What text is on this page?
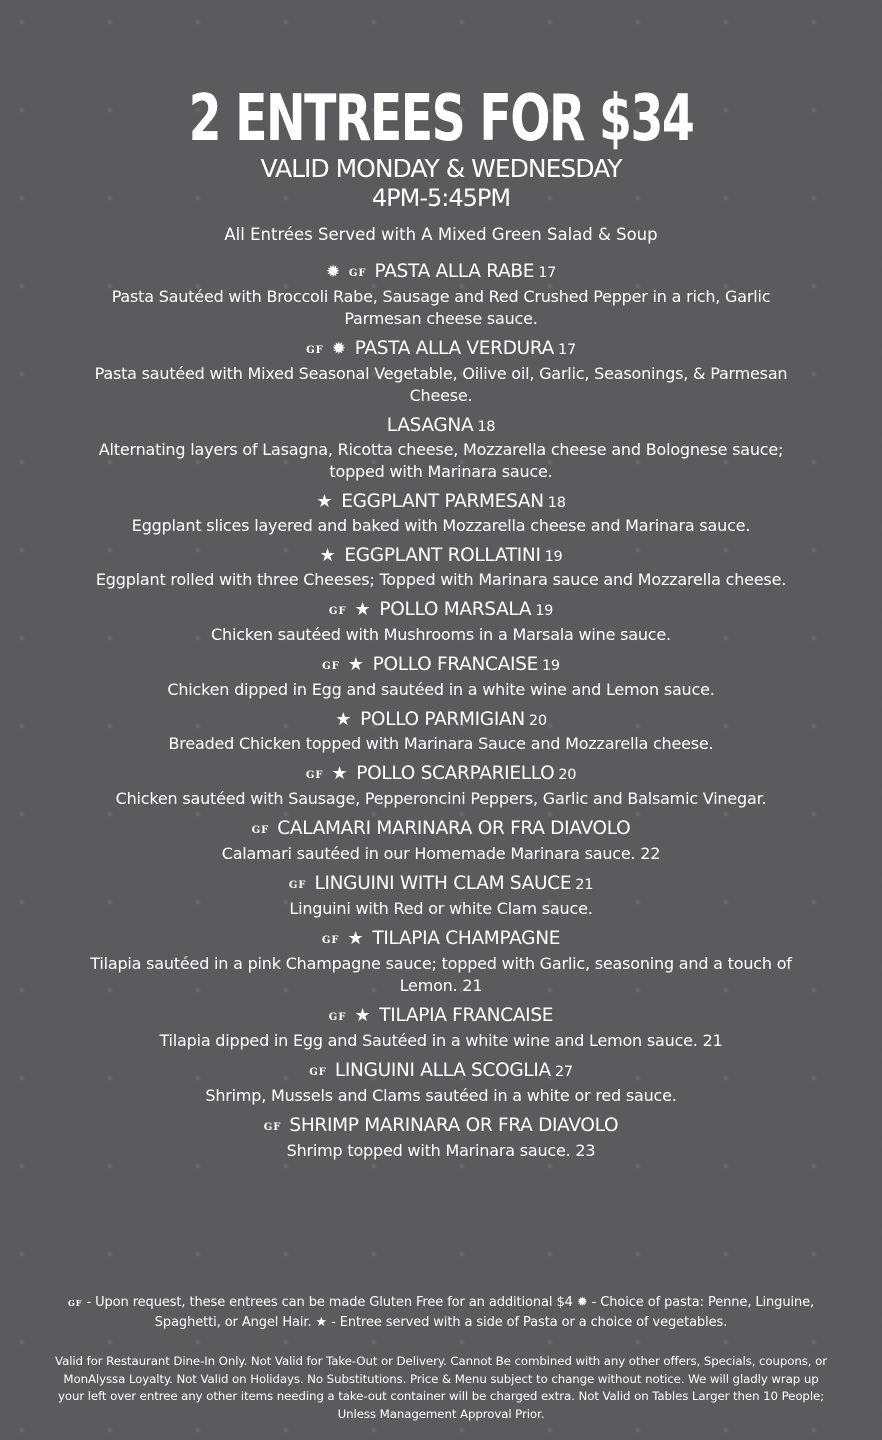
2 ENTREES FOR $34
VALID MONDAY & WEDNESDAY
4PM-5:45PM
All Entrées Served with A Mixed Green Salad & Soup
✹ GF PASTA ALLA RABE 17
Pasta Sautéed with Broccoli Rabe, Sausage and Red Crushed Pepper in a rich, Garlic Parmesan cheese sauce.
GF ✹ PASTA ALLA VERDURA 17
Pasta sautéed with Mixed Seasonal Vegetable, Oilive oil, Garlic, Seasonings, & Parmesan Cheese.
LASAGNA 18
Alternating layers of Lasagna, Ricotta cheese, Mozzarella cheese and Bolognese sauce; topped with Marinara sauce.
★ EGGPLANT PARMESAN 18
Eggplant slices layered and baked with Mozzarella cheese and Marinara sauce.
★ EGGPLANT ROLLATINI 19
Eggplant rolled with three Cheeses; Topped with Marinara sauce and Mozzarella cheese.
GF ★ POLLO MARSALA 19
Chicken sautéed with Mushrooms in a Marsala wine sauce.
GF ★ POLLO FRANCAISE 19
Chicken dipped in Egg and sautéed in a white wine and Lemon sauce.
★ POLLO PARMIGIAN 20
Breaded Chicken topped with Marinara Sauce and Mozzarella cheese.
GF ★ POLLO SCARPARIELLO 20
Chicken sautéed with Sausage, Pepperoncini Peppers, Garlic and Balsamic Vinegar.
GF CALAMARI MARINARA OR FRA DIAVOLO
Calamari sautéed in our Homemade Marinara sauce. 22
GF LINGUINI WITH CLAM SAUCE 21
Linguini with Red or white Clam sauce.
GF ★ TILAPIA CHAMPAGNE
Tilapia sautéed in a pink Champagne sauce; topped with Garlic, seasoning and a touch of Lemon. 21
GF ★ TILAPIA FRANCAISE
Tilapia dipped in Egg and Sautéed in a white wine and Lemon sauce. 21
GF LINGUINI ALLA SCOGLIA 27
Shrimp, Mussels and Clams sautéed in a white or red sauce.
GF SHRIMP MARINARA OR FRA DIAVOLO
Shrimp topped with Marinara sauce. 23
GF - Upon request, these entrees can be made Gluten Free for an additional $4 ✹ - Choice of pasta: Penne, Linguine, Spaghetti, or Angel Hair. ★ - Entree served with a side of Pasta or a choice of vegetables.
Valid for Restaurant Dine-In Only. Not Valid for Take-Out or Delivery. Cannot Be combined with any other offers, Specials, coupons, or MonAlyssa Loyalty. Not Valid on Holidays. No Substitutions. Price & Menu subject to change without notice. We will gladly wrap up your left over entree any other items needing a take-out container will be charged extra. Not Valid on Tables Larger then 10 People; Unless Management Approval Prior.
